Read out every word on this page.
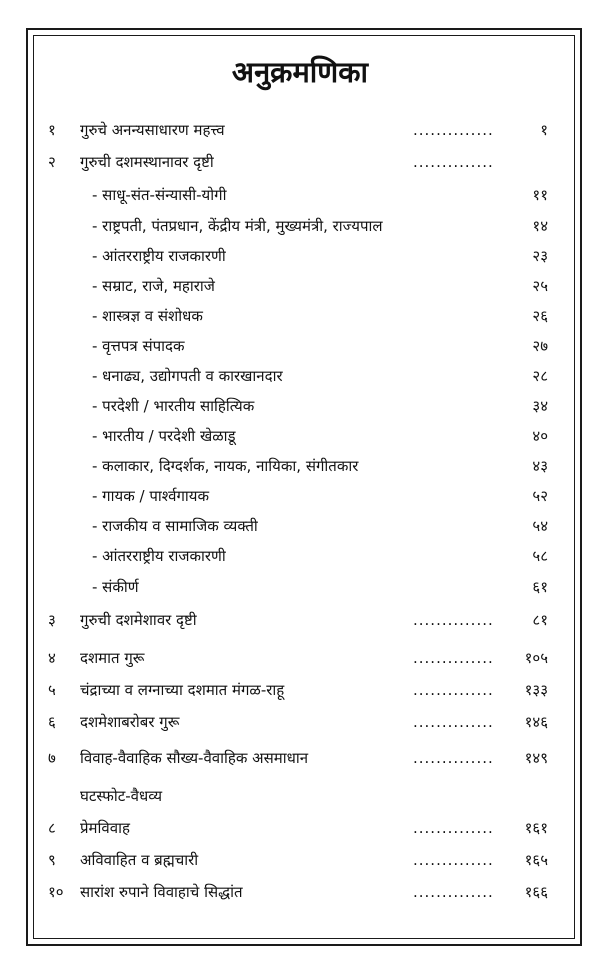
अनुक्रमणिका
१ गुरुचे अनन्यसाधारण महत्त्व	..............	१
२ गुरुची दशमस्थानावर दृष्टी	..............
- साधू-संत-संन्यासी-योगी	११
- राष्ट्रपती, पंतप्रधान, केंद्रीय मंत्री, मुख्यमंत्री, राज्यपाल	१४
- आंतरराष्ट्रीय राजकारणी	२३
- सम्राट, राजे, महाराजे	२५
- शास्त्रज्ञ व संशोधक	२६
- वृत्तपत्र संपादक	२७
- धनाढ्य, उद्योगपती व कारखानदार	२८
- परदेशी / भारतीय साहित्यिक	३४
- भारतीय / परदेशी खेळाडू	४०
- कलाकार, दिग्दर्शक, नायक, नायिका, संगीतकार	४३
- गायक / पार्श्वगायक	५२
- राजकीय व सामाजिक व्यक्ती	५४
- आंतरराष्ट्रीय राजकारणी	५८
- संकीर्ण	६१
३ गुरुची दशमेशावर दृष्टी	..............	८१
४ दशमात गुरू	.............. १०५
५ चंद्राच्या व लग्नाच्या दशमात मंगळ-राहू	.............. १३३
६ दशमेशाबरोबर गुरू	.............. १४६
७ विवाह-वैवाहिक सौख्य-वैवाहिक असमाधान	.............. १४९
घटस्फोट-वैधव्य
८ प्रेमविवाह	.............. १६१
९ अविवाहित व ब्रह्मचारी	.............. १६५
१० सारांश रुपाने विवाहाचे सिद्धांत	.............. १६६
